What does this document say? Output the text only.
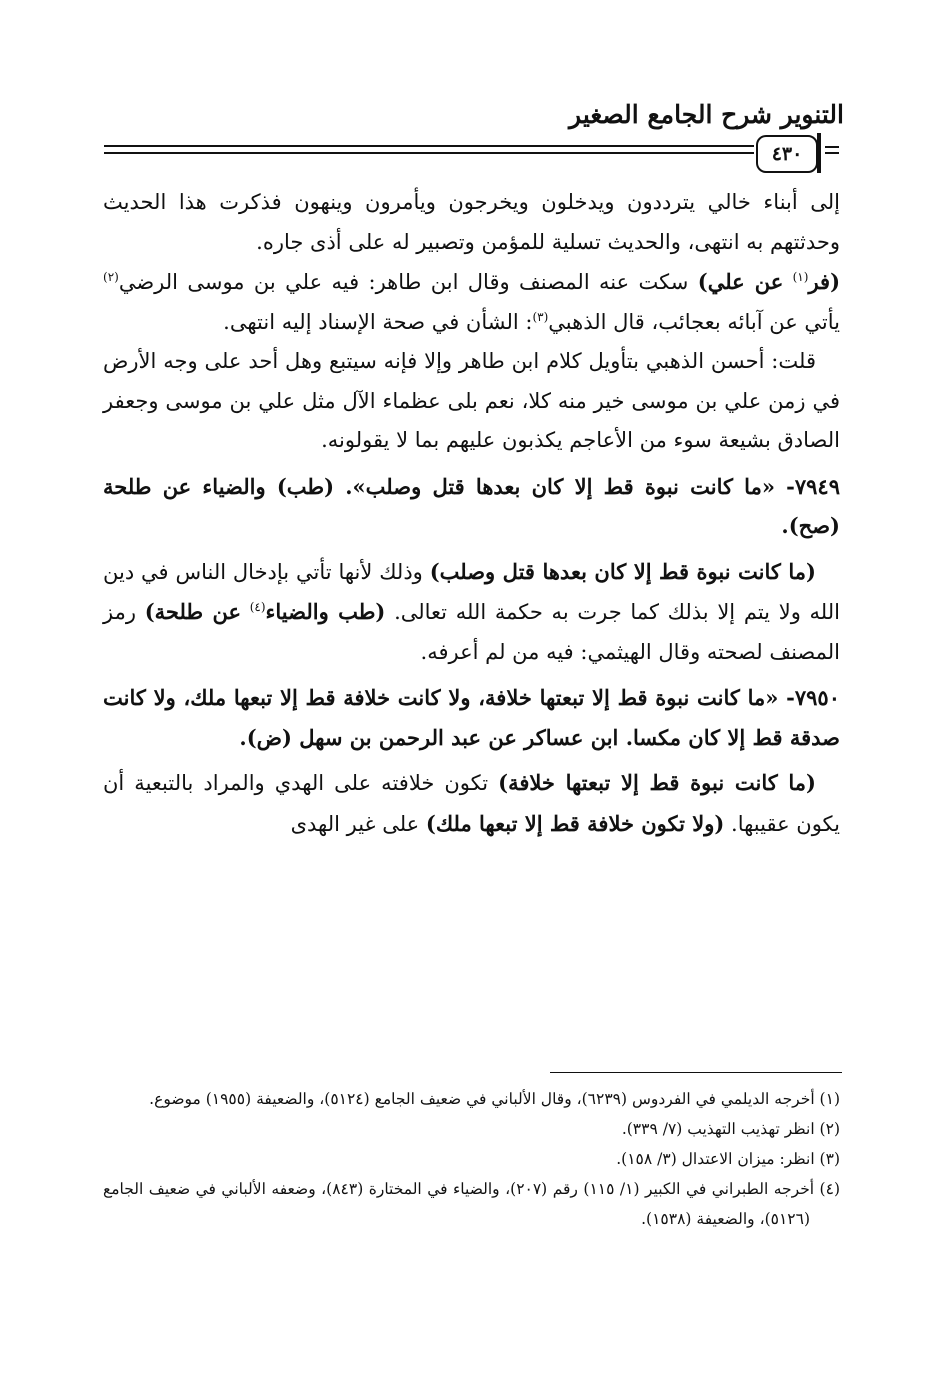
التنوير شرح الجامع الصغير
٤٣٠

إلى أبناء خالي يترددون ويدخلون ويخرجون ويأمرون وينهون فذكرت هذا الحديث وحدثتهم به انتهى، والحديث تسلية للمؤمن وتصبير له على أذى جاره.

(فر$^{(١)}$ عن علي) سكت عنه المصنف وقال ابن طاهر: فيه علي بن موسى الرضي$^{(٢)}$ يأتي عن آبائه بعجائب، قال الذهبي$^{(٣)}$: الشأن في صحة الإسناد إليه انتهى.

قلت: أحسن الذهبي بتأويل كلام ابن طاهر وإلا فإنه سيتبع وهل أحد على وجه الأرض في زمن علي بن موسى خير منه كلا، نعم بلى عظماء الآل مثل علي بن موسى وجعفر الصادق بشيعة سوء من الأعاجم يكذبون عليهم بما لا يقولونه.

٧٩٤٩- «ما كانت نبوة قط إلا كان بعدها قتل وصلب». (طب) والضياء عن طلحة (صح).

(ما كانت نبوة قط إلا كان بعدها قتل وصلب) وذلك لأنها تأتي بإدخال الناس في دين الله ولا يتم إلا بذلك كما جرت به حكمة الله تعالى. (طب والضياء$^{(٤)}$ عن طلحة) رمز المصنف لصحته وقال الهيثمي: فيه من لم أعرفه.

٧٩٥٠- «ما كانت نبوة قط إلا تبعتها خلافة، ولا كانت خلافة قط إلا تبعها ملك، ولا كانت صدقة قط إلا كان مكسا. ابن عساكر عن عبد الرحمن بن سهل (ض).

(ما كانت نبوة قط إلا تبعتها خلافة) تكون خلافته على الهدي والمراد بالتبعية أن يكون عقيبها. (ولا تكون خلافة قط إلا تبعها ملك) على غير الهدى

(١) أخرجه الديلمي في الفردوس (٦٢٣٩)، وقال الألباني في ضعيف الجامع (٥١٢٤)، والضعيفة (١٩٥٥) موضوع.

(٢) انظر تهذيب التهذيب (٧/ ٣٣٩).

(٣) انظر: ميزان الاعتدال (٣/ ١٥٨).

(٤) أخرجه الطبراني في الكبير (١/ ١١٥) رقم (٢٠٧)، والضياء في المختارة (٨٤٣)، وضعفه الألباني في ضعيف الجامع (٥١٢٦)، والضعيفة (١٥٣٨).
